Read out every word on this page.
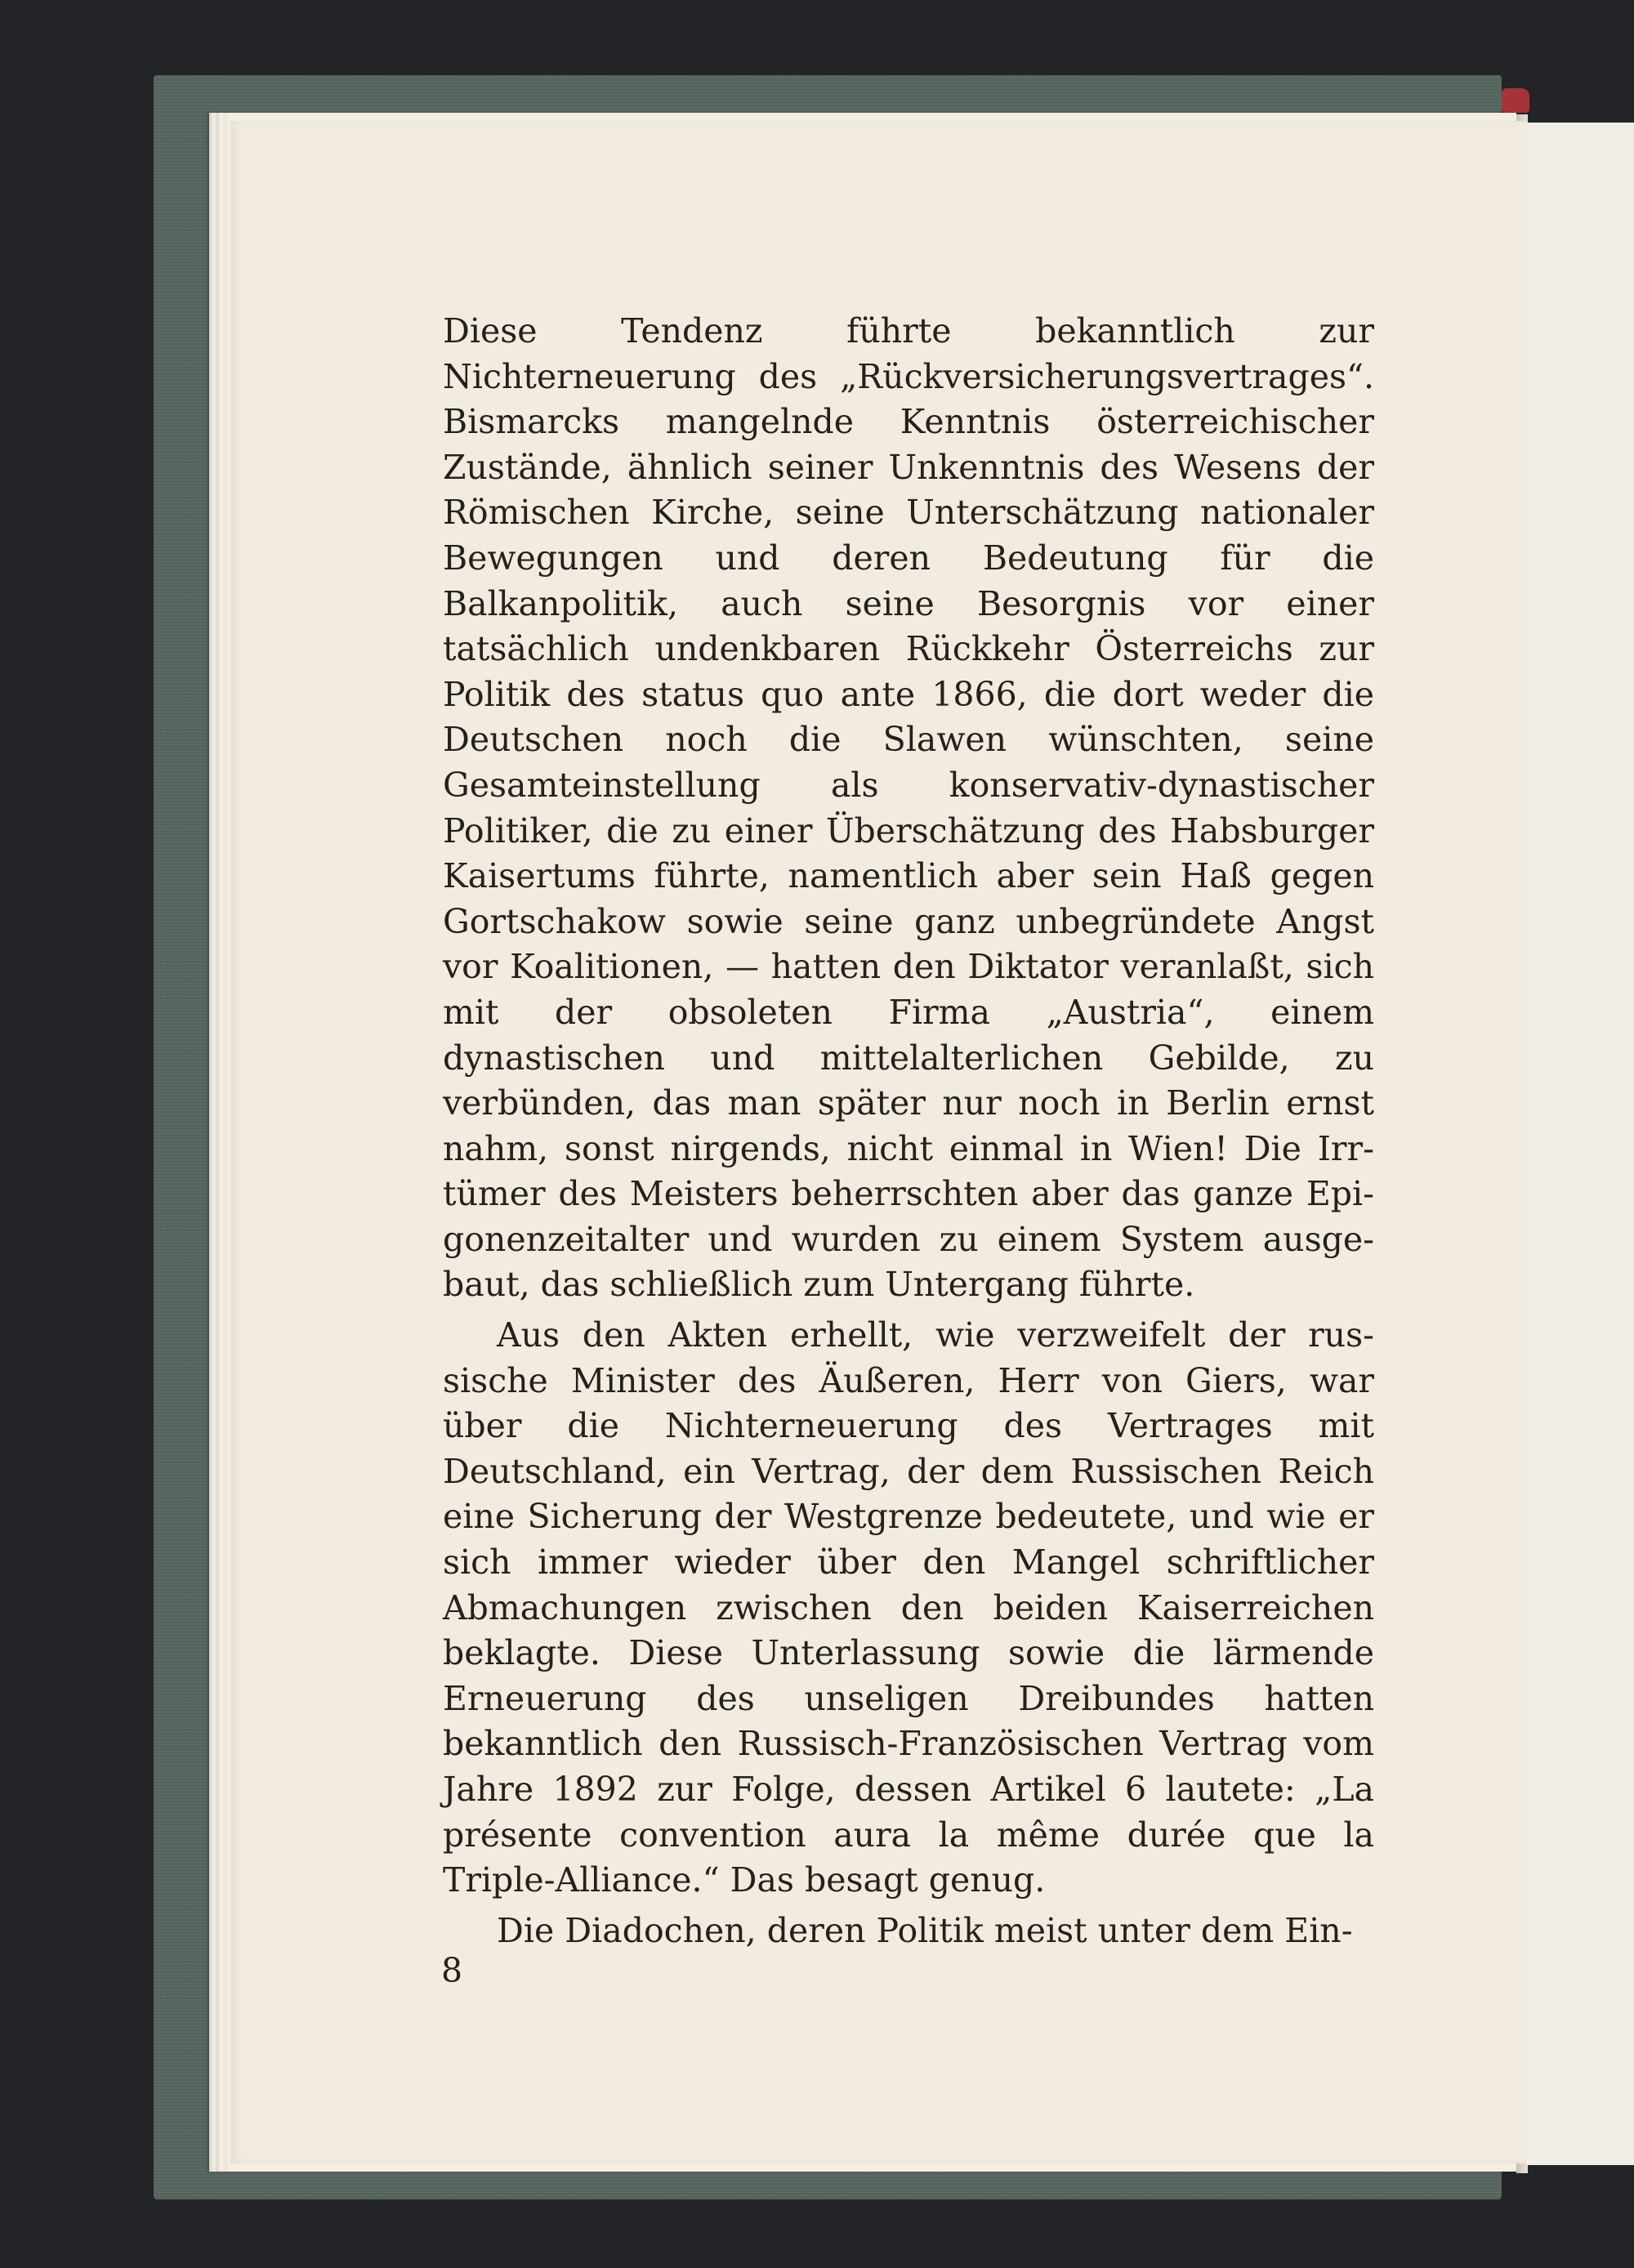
Diese Tendenz führte bekanntlich zur Nichterneuerung des „Rückversicherungsvertrages“. Bismarcks mangelnde Kenntnis österreichischer Zustände, ähnlich seiner Unkenntnis des Wesens der Römischen Kirche, seine Unterschätzung nationaler Bewegungen und deren Bedeutung für die Balkanpolitik, auch seine Besorgnis vor einer tatsächlich undenkbaren Rückkehr Österreichs zur Politik des status quo ante 1866, die dort weder die Deutschen noch die Slawen wünschten, seine Gesamteinstellung als konservativ-dynastischer Politiker, die zu einer Überschätzung des Habsburger Kaisertums führte, namentlich aber sein Haß gegen Gortschakow sowie seine ganz unbegründete Angst vor Koalitionen, — hatten den Diktator veranlaßt, sich mit der obsoleten Firma „Austria“, einem dynastischen und mittelalterlichen Gebilde, zu verbünden, das man später nur noch in Berlin ernst nahm, sonst nirgends, nicht einmal in Wien! Die Irrtümer des Meisters beherrschten aber das ganze Epigonenzeitalter und wurden zu einem System ausgebaut, das schließlich zum Untergang führte.

Aus den Akten erhellt, wie verzweifelt der russische Minister des Äußeren, Herr von Giers, war über die Nichterneuerung des Vertrages mit Deutschland, ein Vertrag, der dem Russischen Reich eine Sicherung der Westgrenze bedeutete, und wie er sich immer wieder über den Mangel schriftlicher Abmachungen zwischen den beiden Kaiserreichen beklagte. Diese Unterlassung sowie die lärmende Erneuerung des unseligen Dreibundes hatten bekanntlich den Russisch-Französischen Vertrag vom Jahre 1892 zur Folge, dessen Artikel 6 lautete: „La présente convention aura la même durée que la Triple-Alliance.“ Das besagt genug.

Die Diadochen, deren Politik meist unter dem Ein-

8
